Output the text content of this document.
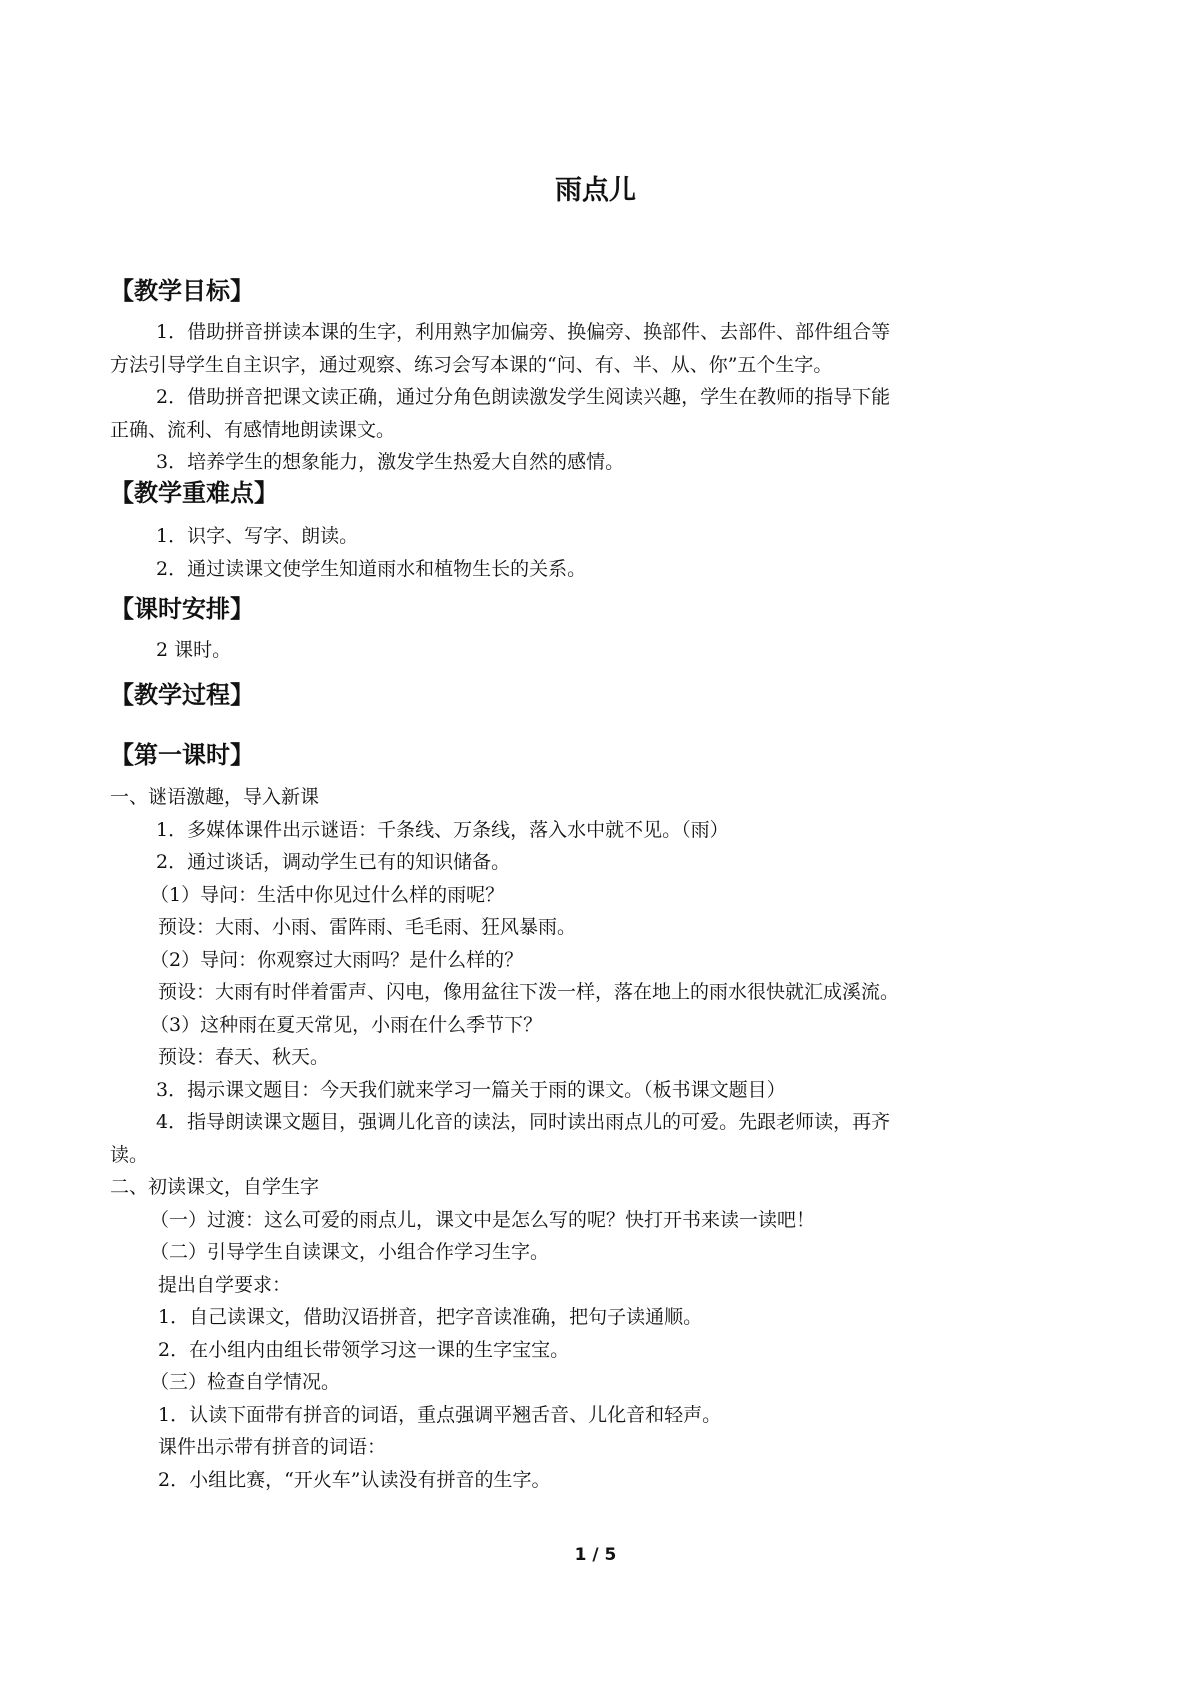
雨点儿
【教学目标】
1．借助拼音拼读本课的生字，利用熟字加偏旁、换偏旁、换部件、去部件、部件组合等
方法引导学生自主识字，通过观察、练习会写本课的“问、有、半、从、你”五个生字。
2．借助拼音把课文读正确，通过分角色朗读激发学生阅读兴趣，学生在教师的指导下能
正确、流利、有感情地朗读课文。
3．培养学生的想象能力，激发学生热爱大自然的感情。
【教学重难点】
1．识字、写字、朗读。
2．通过读课文使学生知道雨水和植物生长的关系。
【课时安排】
2 课时。
【教学过程】
【第一课时】
一、谜语激趣，导入新课
1．多媒体课件出示谜语：千条线、万条线，落入水中就不见。（雨）
2．通过谈话，调动学生已有的知识储备。
（1）导问：生活中你见过什么样的雨呢？
预设：大雨、小雨、雷阵雨、毛毛雨、狂风暴雨。
（2）导问：你观察过大雨吗？是什么样的？
预设：大雨有时伴着雷声、闪电，像用盆往下泼一样，落在地上的雨水很快就汇成溪流。
（3）这种雨在夏天常见，小雨在什么季节下？
预设：春天、秋天。
3．揭示课文题目：今天我们就来学习一篇关于雨的课文。（板书课文题目）
4．指导朗读课文题目，强调儿化音的读法，同时读出雨点儿的可爱。先跟老师读，再齐
读。
二、初读课文，自学生字
（一）过渡：这么可爱的雨点儿，课文中是怎么写的呢？快打开书来读一读吧！
（二）引导学生自读课文，小组合作学习生字。
提出自学要求：
1．自己读课文，借助汉语拼音，把字音读准确，把句子读通顺。
2．在小组内由组长带领学习这一课的生字宝宝。
（三）检查自学情况。
1．认读下面带有拼音的词语，重点强调平翘舌音、儿化音和轻声。
课件出示带有拼音的词语：
2．小组比赛，“开火车”认读没有拼音的生字。
1 / 5
